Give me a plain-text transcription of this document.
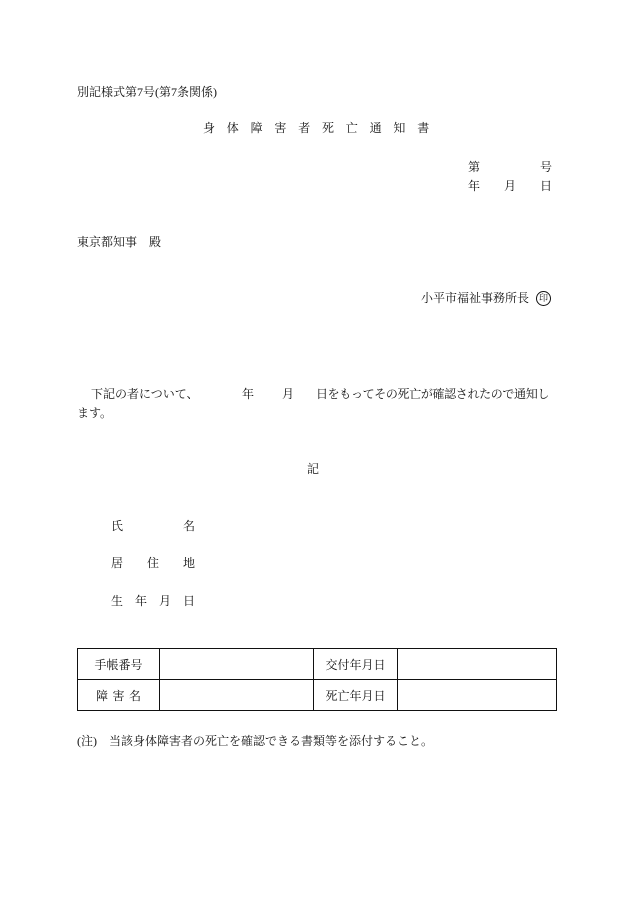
別記様式第7号(第7条関係)
身体障害者死亡通知書
第	号
年 月 日
東京都知事　殿
小平市福祉事務所長	印
下記の者について、	年 月 日をもってその死亡が確認されたので通知し
ます。
記
氏名
居住地
生年月日
手帳番号		交付年月日	
障害名		死亡年月日	
(注)　当該身体障害者の死亡を確認できる書類等を添付すること。
